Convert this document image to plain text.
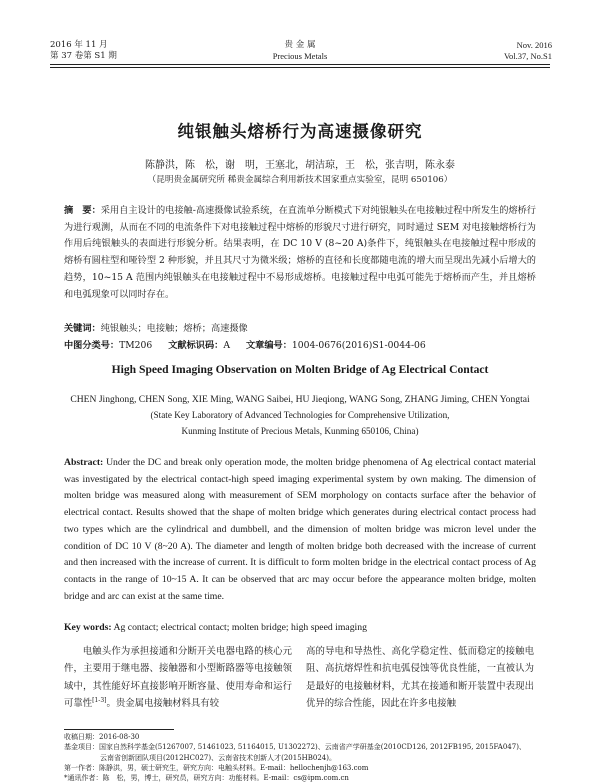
2016 年 11 月
第 37 卷第 S1 期
贵 金 属
Precious Metals
Nov. 2016
Vol.37, No.S1
纯银触头熔桥行为高速摄像研究
陈静洪，陈　松，谢　明，王塞北，胡洁琼，王　松，张吉明，陈永泰
（昆明贵金属研究所 稀贵金属综合利用新技术国家重点实验室，昆明 650106）
摘　要：采用自主设计的电接触-高速摄像试验系统，在直流单分断模式下对纯银触头在电接触过程中所发生的熔桥行为进行观测，从而在不同的电流条件下对电接触过程中熔桥的形貌尺寸进行研究，同时通过 SEM 对电接触熔桥行为作用后纯银触头的表面进行形貌分析。结果表明，在 DC 10 V (8~20 A)条件下，纯银触头在电接触过程中形成的熔桥有圆柱型和哑铃型 2 种形貌，并且其尺寸为微米级；熔桥的直径和长度都随电流的增大而呈现出先减小后增大的趋势，10~15 A 范围内纯银触头在电接触过程中不易形成熔桥。电接触过程中电弧可能先于熔桥而产生，并且熔桥和电弧现象可以同时存在。
关键词：纯银触头；电接触；熔桥；高速摄像
中图分类号：TM206 文献标识码：A 文章编号：1004-0676(2016)S1-0044-06
High Speed Imaging Observation on Molten Bridge of Ag Electrical Contact
CHEN Jinghong, CHEN Song, XIE Ming, WANG Saibei, HU Jieqiong, WANG Song, ZHANG Jiming, CHEN Yongtai
(State Key Laboratory of Advanced Technologies for Comprehensive Utilization,
Kunming Institute of Precious Metals, Kunming 650106, China)
Abstract: Under the DC and break only operation mode, the molten bridge phenomena of Ag electrical contact material was investigated by the electrical contact-high speed imaging experimental system by own making. The dimension of molten bridge was measured along with measurement of SEM morphology on contacts surface after the behavior of electrical contact. Results showed that the shape of molten bridge which generates during electrical contact process had two types which are the cylindrical and dumbbell, and the dimension of molten bridge was micron level under the condition of DC 10 V (8~20 A). The diameter and length of molten bridge both decreased with the increase of current and then increased with the increase of current. It is difficult to form molten bridge in the electrical contact process of Ag contacts in the range of 10~15 A. It can be observed that arc may occur before the appearance molten bridge, molten bridge and arc can exist at the same time.
Key words: Ag contact; electrical contact; molten bridge; high speed imaging

电触头作为承担接通和分断开关电器电路的核心元件，主要用于继电器、接触器和小型断路器等电接触领域中，其性能好坏直接影响开断容量、使用寿命和运行可靠性[1-3]。贵金属电接触材料具有较

高的导电和导热性、高化学稳定性、低而稳定的接触电阻、高抗熔焊性和抗电弧侵蚀等优良性能，一直被认为是最好的电接触材料，尤其在接通和断开装置中表现出优异的综合性能，因此在许多电接触

收稿日期：2016-08-30
基金项目：国家自然科学基金(51267007, 51461023, 51164015, U1302272)、云南省产学研基金(2010CD126, 2012FB195, 2015FA047)、
云南省创新团队项目(2012HC027)、云南省技术创新人才(2015HB024)。
第一作者：陈静洪，男，硕士研究生，研究方向：电触头材料。E-mail：hellochenjh@163.com
*通讯作者：陈　松，男，博士，研究员，研究方向：功能材料。E-mail：cs@ipm.com.cn
